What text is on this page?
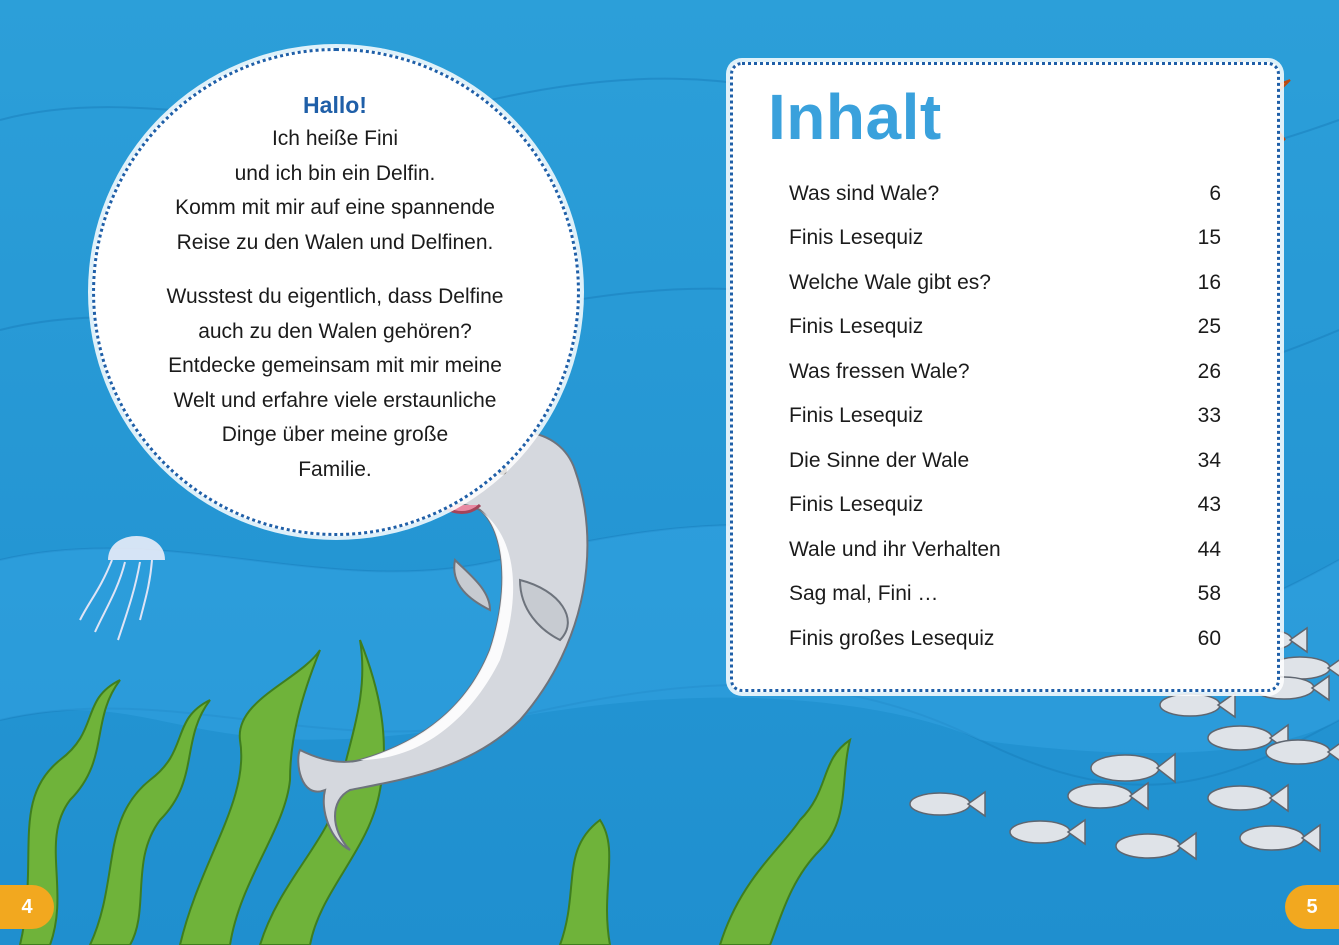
Hallo!
Ich heiße Fini
und ich bin ein Delfin.
Komm mit mir auf eine spannende
Reise zu den Walen und Delfinen.
Wusstest du eigentlich, dass Delfine
auch zu den Walen gehören?
Entdecke gemeinsam mit mir meine
Welt und erfahre viele erstaunliche
Dinge über meine große
Familie.
Inhalt
Was sind Wale?	6
Finis Lesequiz	15
Welche Wale gibt es?	16
Finis Lesequiz	25
Was fressen Wale?	26
Finis Lesequiz	33
Die Sinne der Wale	34
Finis Lesequiz	43
Wale und ihr Verhalten	44
Sag mal, Fini …	58
Finis großes Lesequiz	60
4	5
